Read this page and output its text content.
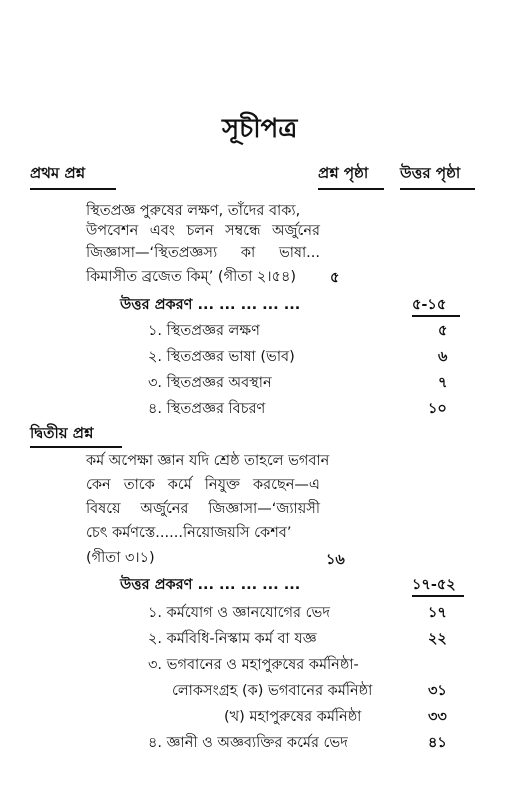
সূচীপত্র
প্রথম প্রশ্ন	প্রশ্ন পৃষ্ঠা উত্তর পৃষ্ঠা
স্থিতপ্রজ্ঞ পুরুষের লক্ষণ, তাঁদের বাক্য,
উপবেশন এবং চলন সম্বন্ধে অর্জুনের
জিজ্ঞাসা—‘স্থিতপ্রজ্ঞস্য কা ভাষা...
কিমাসীত ব্রজেত কিম্’ (গীতা ২।৫৪) ৫
উত্তর প্রকরণ ... ... ... ... ...	৫-১৫
১. স্থিতপ্রজ্ঞর লক্ষণ	৫
২. স্থিতপ্রজ্ঞর ভাষা (ভাব)	৬
৩. স্থিতপ্রজ্ঞর অবস্থান	৭
৪. স্থিতপ্রজ্ঞর বিচরণ	১০
দ্বিতীয় প্রশ্ন
কর্ম অপেক্ষা জ্ঞান যদি শ্রেষ্ঠ তাহলে ভগবান
কেন তাকে কর্মে নিযুক্ত করছেন—এ
বিষয়ে অর্জুনের জিজ্ঞাসা—‘জ্যায়সী
চেৎ কর্মণস্তে......নিয়োজয়সি কেশব’
(গীতা ৩।১)	১৬
উত্তর প্রকরণ ... ... ... ... ...	১৭-৫২
১. কর্মযোগ ও জ্ঞানযোগের ভেদ	১৭
২. কর্মবিধি-নিস্কাম কর্ম বা যজ্ঞ	২২
৩. ভগবানের ও মহাপুরুষের কর্মনিষ্ঠা-
লোকসংগ্রহ (ক) ভগবানের কর্মনিষ্ঠা	৩১
(খ) মহাপুরুষের কর্মনিষ্ঠা	৩৩
৪. জ্ঞানী ও অজ্ঞব্যক্তির কর্মের ভেদ	৪১
